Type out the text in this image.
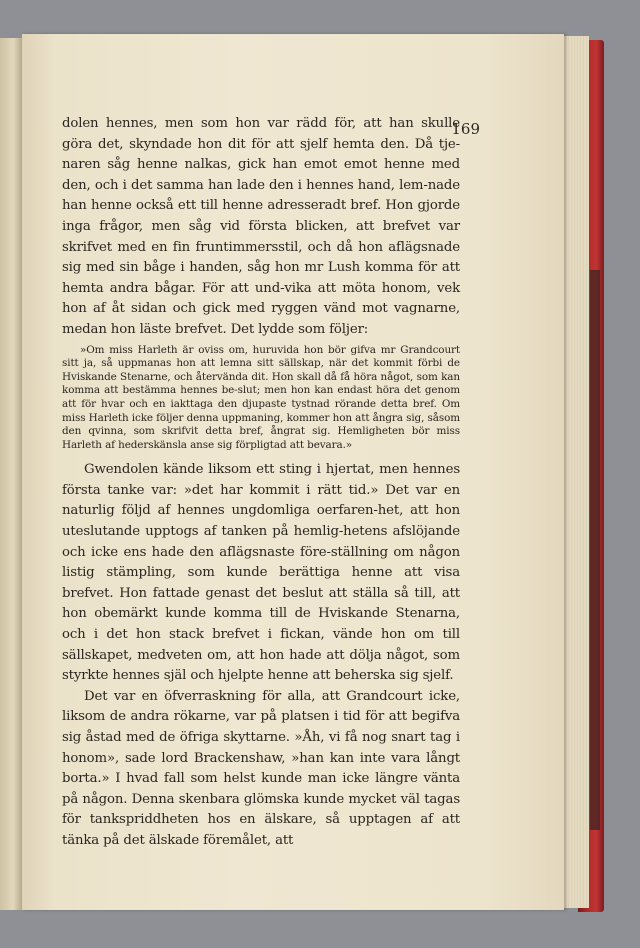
169

dolen hennes, men som hon var rädd för, att han skulle göra det, skyndade hon dit för att sjelf hemta den. Då tje-naren såg henne nalkas, gick han emot emot henne med den, och i det samma han lade den i hennes hand, lem-nade han henne också ett till henne adresseradt bref. Hon gjorde inga frågor, men såg vid första blicken, att brefvet var skrifvet med en fin fruntimmersstil, och då hon aflägsnade sig med sin båge i handen, såg hon mr Lush komma för att hemta andra bågar. För att und-vika att möta honom, vek hon af åt sidan och gick med ryggen vänd mot vagnarne, medan hon läste brefvet. Det lydde som följer:

»Om miss Harleth är oviss om, huruvida hon bör gifva mr Grandcourt sitt ja, så uppmanas hon att lemna sitt sällskap, när det kommit förbi de Hviskande Stenarne, och återvända dit. Hon skall då få höra något, som kan komma att bestämma hennes be-slut; men hon kan endast höra det genom att för hvar och en iakttaga den djupaste tystnad rörande detta bref. Om miss Harleth icke följer denna uppmaning, kommer hon att ångra sig, såsom den qvinna, som skrifvit detta bref, ångrat sig. Hemligheten bör miss Harleth af hederskänsla anse sig förpligtad att bevara.»

Gwendolen kände liksom ett sting i hjertat, men hennes första tanke var: »det har kommit i rätt tid.» Det var en naturlig följd af hennes ungdomliga oerfaren-het, att hon uteslutande upptogs af tanken på hemlig-hetens afslöjande och icke ens hade den aflägsnaste före-ställning om någon listig stämpling, som kunde berättiga henne att visa brefvet. Hon fattade genast det beslut att ställa så till, att hon obemärkt kunde komma till de Hviskande Stenarna, och i det hon stack brefvet i fickan, vände hon om till sällskapet, medveten om, att hon hade att dölja något, som styrkte hennes själ och hjelpte henne att beherska sig sjelf.

Det var en öfverraskning för alla, att Grandcourt icke, liksom de andra rökarne, var på platsen i tid för att begifva sig åstad med de öfriga skyttarne. »Åh, vi få nog snart tag i honom», sade lord Brackenshaw, »han kan inte vara långt borta.» I hvad fall som helst kunde man icke längre vänta på någon. Denna skenbara glömska kunde mycket väl tagas för tankspriddheten hos en älskare, så upptagen af att tänka på det älskade föremålet, att
